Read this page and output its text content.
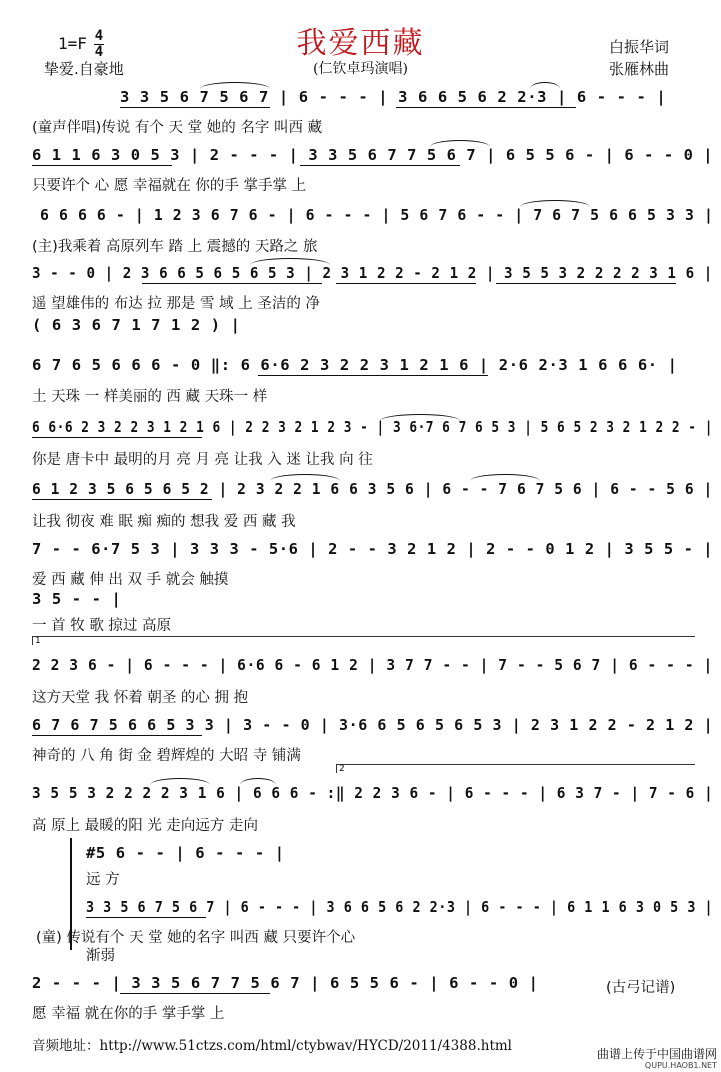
我爱西藏
1=F 4
4
挚爱.自豪地	(仁钦卓玛演唱)
白振华词
张雁林曲
3 3 5 6 7 5 6 7 | 6 - - - | 3 6 6 5 6 2 2·3 | 6 - - - |
(童声伴唱)传说 有个 天 堂 她的 名字 叫西 藏
6 1 1 6 3 0 5 3 | 2 - - - | 3 3 5 6 7 7 5 6 7 | 6 5 5 6 - | 6 - - 0 |
只要许个 心 愿 幸福就在 你的手 掌手掌 上
6 6 6 6 - | 1 2 3 6 7 6 - | 6 - - - | 5 6 7 6 - - | 7 6 7 5 6 6 5 3 3 |
(主)我乘着 高原列车 踏 上 震撼的 天路之 旅
3 - - 0 | 2 3 6 6 5 6 5 6 5 3 | 2 3 1 2 2 - 2 1 2 | 3 5 5 3 2 2 2 2 3 1 6 |
遥 望雄伟的 布达 拉 那是 雪 域 上 圣洁的 净
( 6 3 6 7 1 7 1 2 ) |
6 7 6 5 6 6 6 - 0 ‖: 6 6·6 2 3 2 2 3 1 2 1 6 | 2·6 2·3 1 6 6 6· |
土 天珠 一 样美丽的 西 藏 天珠一 样
6 6·6 2 3 2 2 3 1 2 1 6 | 2 2 3 2 1 2 3 - | 3 6·7 6 7 6 5 3 | 5 6 5 2 3 2 1 2 2 - |
你是 唐卡中 最明的月 亮 月 亮 让我 入 迷 让我 向 往
6 1 2 3 5 6 5 6 5 2 | 2 3 2 2 1 6 6 3 5 6 | 6 - - 7 6 7 5 6 | 6 - - 5 6 |
让我 彻夜 难 眠 痴 痴的 想我 爱 西 藏 我
7 - - 6·7 5 3 | 3 3 3 - 5·6 | 2 - - 3 2 1 2 | 2 - - 0 1 2 | 3 5 5 - |
爱 西 藏 伸 出 双 手 就会 触摸
3 5 - - |
一 首 牧 歌 掠过 高原
1
2 2 3 6 - | 6 - - - | 6·6 6 - 6 1 2 | 3 7 7 - - | 7 - - 5 6 7 | 6 - - - |
这方天堂 我 怀着 朝圣 的心 拥 抱
6 7 6 7 5 6 6 5 3 3 | 3 - - 0 | 3·6 6 5 6 5 6 5 3 | 2 3 1 2 2 - 2 1 2 |
神奇的 八 角 街 金 碧辉煌的 大昭 寺 铺满
2
3 5 5 3 2 2 2 2 3 1 6 | 6 6 6 - :‖ 2 2 3 6 - | 6 - - - | 6 3 7 - | 7 - 6 |
高 原上 最暖的阳 光 走向远方 走向
#5 6 - - | 6 - - - |
远 方
3 3 5 6 7 5 6 7 | 6 - - - | 3 6 6 5 6 2 2·3 | 6 - - - | 6 1 1 6 3 0 5 3 |
(童) 传说有个 天 堂 她的名字 叫西 藏 只要许个心
渐弱
2 - - - | 3 3 5 6 7 7 5 6 7 | 6 5 5 6 - | 6 - - 0 |
愿 幸福 就在你的手 掌手掌 上
(古弓记谱)
音频地址：http://www.51ctzs.com/html/ctybwav/HYCD/2011/4388.html	曲谱上传于中国曲谱网
QUPU.HAOB1.NET
